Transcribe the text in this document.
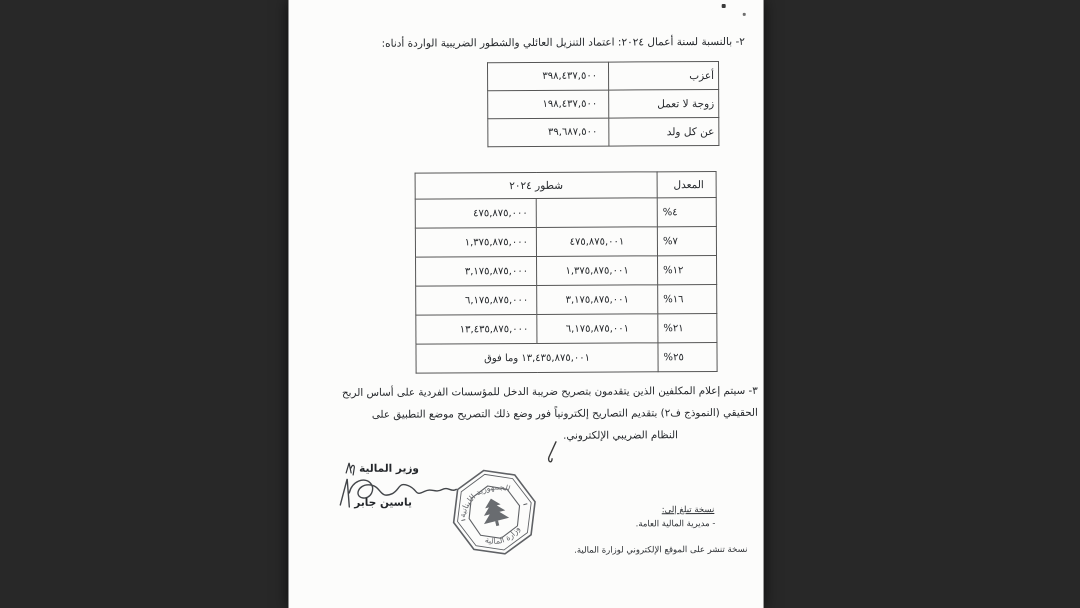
٢- بالنسبة لسنة أعمال ٢٠٢٤: اعتماد التنزيل العائلي والشطور الضريبية الواردة أدناه:
أعزب	٣٩٨,٤٣٧,٥٠٠
زوجة لا تعمل	١٩٨,٤٣٧,٥٠٠
عن كل ولد	٣٩,٦٨٧,٥٠٠
المعدل	شطور ٢٠٢٤	
%٤		٤٧٥,٨٧٥,٠٠٠
%٧	٤٧٥,٨٧٥,٠٠١	١,٣٧٥,٨٧٥,٠٠٠
%١٢	١,٣٧٥,٨٧٥,٠٠١	٣,١٧٥,٨٧٥,٠٠٠
%١٦	٣,١٧٥,٨٧٥,٠٠١	٦,١٧٥,٨٧٥,٠٠٠
%٢١	٦,١٧٥,٨٧٥,٠٠١	١٣,٤٣٥,٨٧٥,٠٠٠
%٢٥	١٣,٤٣٥,٨٧٥,٠٠١ وما فوق	
٣- سيتم إعلام المكلفين الذين يتقدمون بتصريح ضريبة الدخل للمؤسسات الفردية على أساس الربح
الحقيقي (النموذج ف٢) بتقديم التصاريح إلكترونياً فور وضع ذلك التصريح موضع التطبيق على
النظام الضريبي الإلكتروني.
وزير المالية
ياسين جابر
الجمهورية اللبنانية
وزارة المالية
نسخة تبلغ إلى:
- مديرية المالية العامة.
نسخة تنشر على الموقع الإلكتروني لوزارة المالية.
